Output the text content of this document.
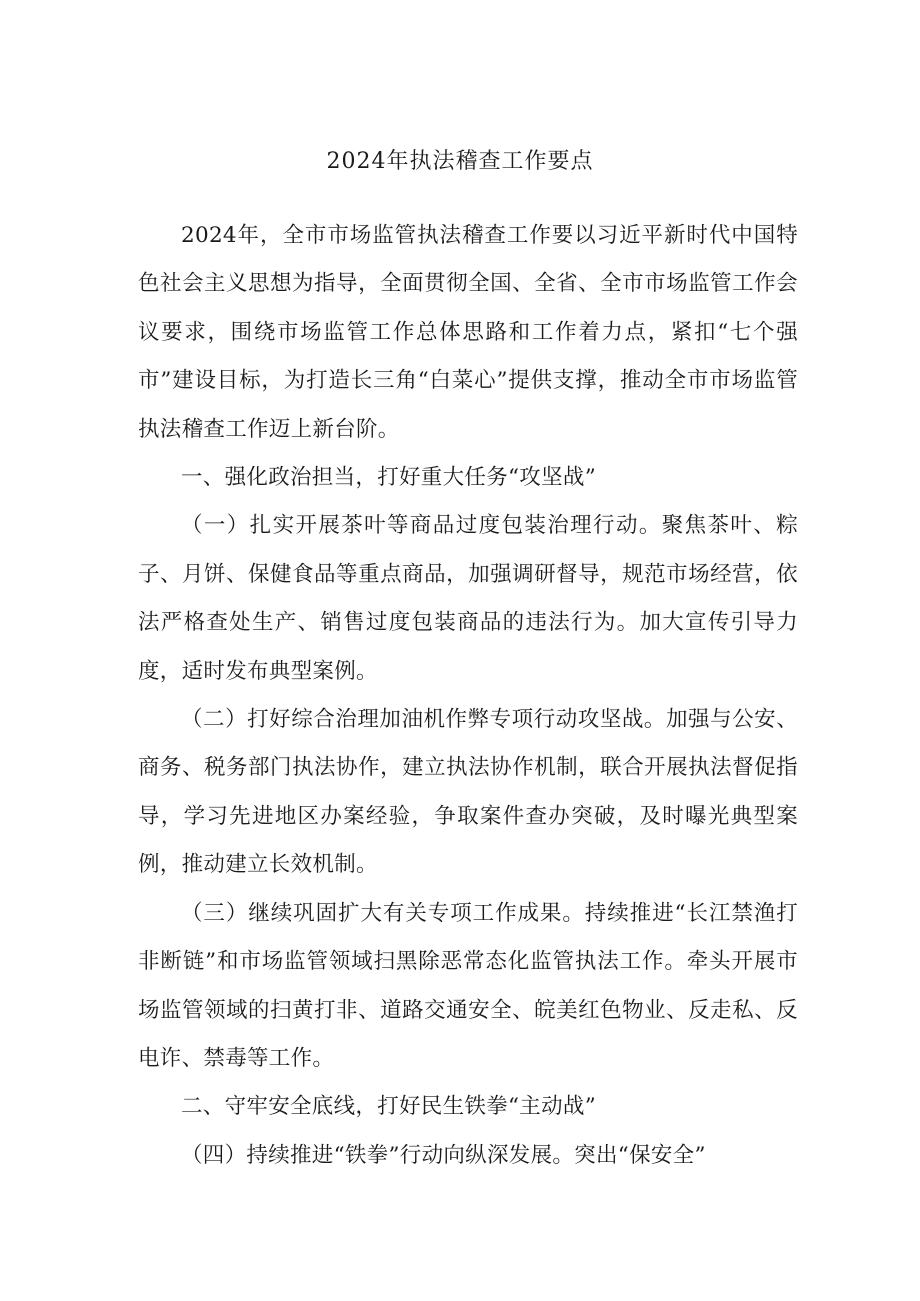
2024年执法稽查工作要点

2024年，全市市场监管执法稽查工作要以习近平新时代中国特色社会主义思想为指导，全面贯彻全国、全省、全市市场监管工作会议要求，围绕市场监管工作总体思路和工作着力点，紧扣“七个强市”建设目标，为打造长三角“白菜心”提供支撑，推动全市市场监管执法稽查工作迈上新台阶。

一、强化政治担当，打好重大任务“攻坚战”

（一）扎实开展茶叶等商品过度包装治理行动。聚焦茶叶、粽子、月饼、保健食品等重点商品，加强调研督导，规范市场经营，依法严格查处生产、销售过度包装商品的违法行为。加大宣传引导力度，适时发布典型案例。

（二）打好综合治理加油机作弊专项行动攻坚战。加强与公安、商务、税务部门执法协作，建立执法协作机制，联合开展执法督促指导，学习先进地区办案经验，争取案件查办突破，及时曝光典型案例，推动建立长效机制。

（三）继续巩固扩大有关专项工作成果。持续推进“长江禁渔打非断链”和市场监管领域扫黑除恶常态化监管执法工作。牵头开展市场监管领域的扫黄打非、道路交通安全、皖美红色物业、反走私、反电诈、禁毒等工作。

二、守牢安全底线，打好民生铁拳“主动战”

（四）持续推进“铁拳”行动向纵深发展。突出“保安全”
